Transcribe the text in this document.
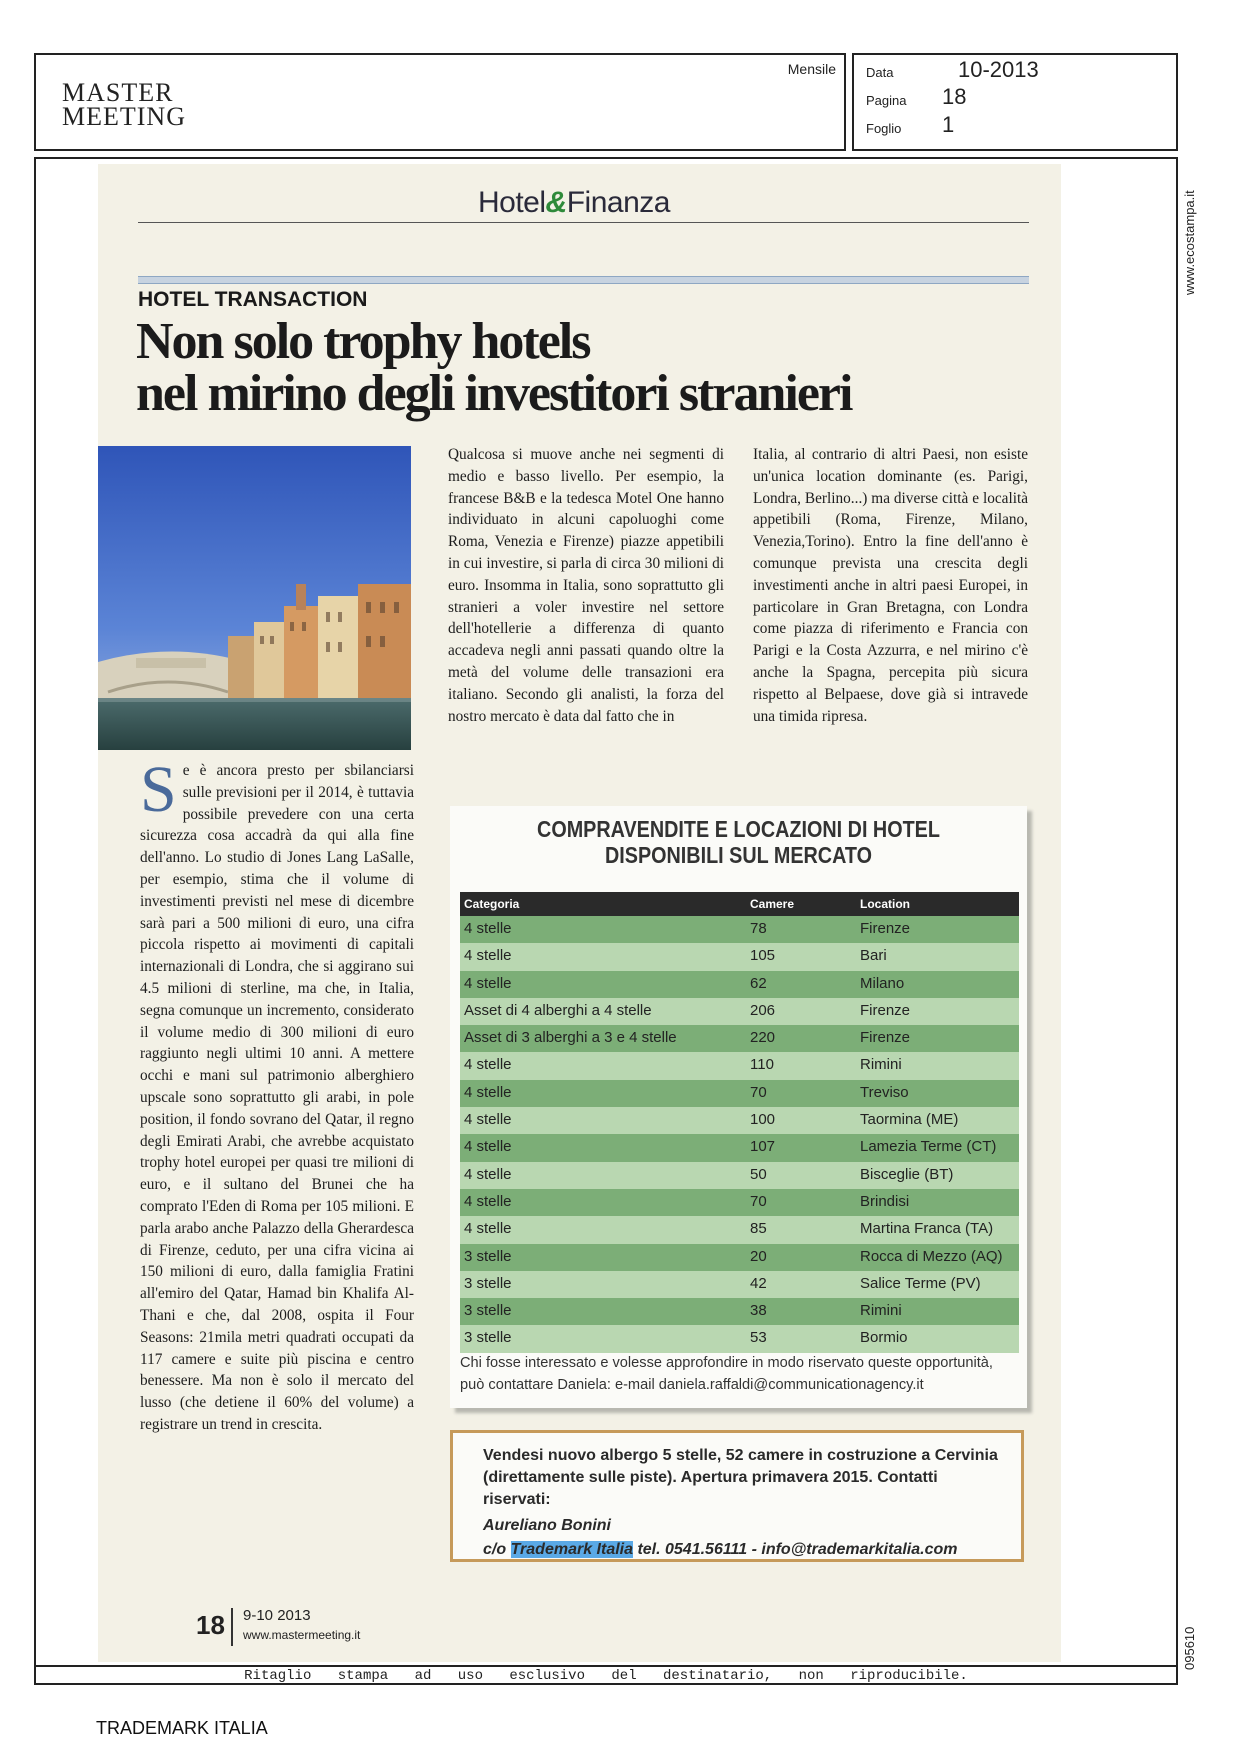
MASTER
MEETING
Mensile Data	10-2013
Pagina 18
Foglio 1
www.ecostampa.it
095610
Hotel&Finanza
HOTEL TRANSACTION
Non solo trophy hotels
nel mirino degli investitori stranieri
Se è ancora presto per sbilanciarsi sulle previsioni per il 2014, è tuttavia possibile prevedere con una certa sicurezza cosa accadrà da qui alla fine dell'anno. Lo studio di Jones Lang LaSalle, per esempio, stima che il volume di investimenti previsti nel mese di dicembre sarà pari a 500 milioni di euro, una cifra piccola rispetto ai movimenti di capitali internazionali di Londra, che si aggirano sui 4.5 milioni di sterline, ma che, in Italia, segna comunque un incremento, considerato il volume medio di 300 milioni di euro raggiunto negli ultimi 10 anni. A mettere occhi e mani sul patrimonio alberghiero upscale sono soprattutto gli arabi, in pole position, il fondo sovrano del Qatar, il regno degli Emirati Arabi, che avrebbe acquistato trophy hotel europei per quasi tre milioni di euro, e il sultano del Brunei che ha comprato l'Eden di Roma per 105 milioni. E parla arabo anche Palazzo della Gherardesca di Firenze, ceduto, per una cifra vicina ai 150 milioni di euro, dalla famiglia Fratini all'emiro del Qatar, Hamad bin Khalifa Al-Thani e che, dal 2008, ospita il Four Seasons: 21mila metri quadrati occupati da 117 camere e suite più piscina e centro benessere. Ma non è solo il mercato del lusso (che detiene il 60% del volume) a registrare un trend in crescita.
Qualcosa si muove anche nei segmenti di medio e basso livello. Per esempio, la francese B&B e la tedesca Motel One hanno individuato in alcuni capoluoghi come Roma, Venezia e Firenze) piazze appetibili in cui investire, si parla di circa 30 milioni di euro. Insomma in Italia, sono soprattutto gli stranieri a voler investire nel settore dell'hotellerie a differenza di quanto accadeva negli anni passati quando oltre la metà del volume delle transazioni era italiano. Secondo gli analisti, la forza del nostro mercato è data dal fatto che in
Italia, al contrario di altri Paesi, non esiste un'unica location dominante (es. Parigi, Londra, Berlino...) ma diverse città e località appetibili (Roma, Firenze, Milano, Venezia,Torino). Entro la fine dell'anno è comunque prevista una crescita degli investimenti anche in altri paesi Europei, in particolare in Gran Bretagna, con Londra come piazza di riferimento e Francia con Parigi e la Costa Azzurra, e nel mirino c'è anche la Spagna, percepita più sicura rispetto al Belpaese, dove già si intravede una timida ripresa.
COMPRAVENDITE E LOCAZIONI DI HOTEL
DISPONIBILI SUL MERCATO
Categoria	Camere	Location
4 stelle	78	Firenze
4 stelle	105	Bari
4 stelle	62	Milano
Asset di 4 alberghi a 4 stelle	206	Firenze
Asset di 3 alberghi a 3 e 4 stelle	220	Firenze
4 stelle	110	Rimini
4 stelle	70	Treviso
4 stelle	100	Taormina (ME)
4 stelle	107	Lamezia Terme (CT)
4 stelle	50	Bisceglie (BT)
4 stelle	70	Brindisi
4 stelle	85	Martina Franca (TA)
3 stelle	20	Rocca di Mezzo (AQ)
3 stelle	42	Salice Terme (PV)
3 stelle	38	Rimini
3 stelle	53	Bormio
Chi fosse interessato e volesse approfondire in modo riservato queste opportunità, può contattare Daniela: e-mail daniela.raffaldi@communicationagency.it
Vendesi nuovo albergo 5 stelle, 52 camere in costruzione a Cervinia (direttamente sulle piste). Apertura primavera 2015. Contatti riservati:
Aureliano Bonini
c/o Trademark Italia tel. 0541.56111 - info@trademarkitalia.com
18 9-10 2013
www.mastermeeting.it
Ritaglio stampa ad uso esclusivo del destinatario, non riproducibile.
TRADEMARK ITALIA
